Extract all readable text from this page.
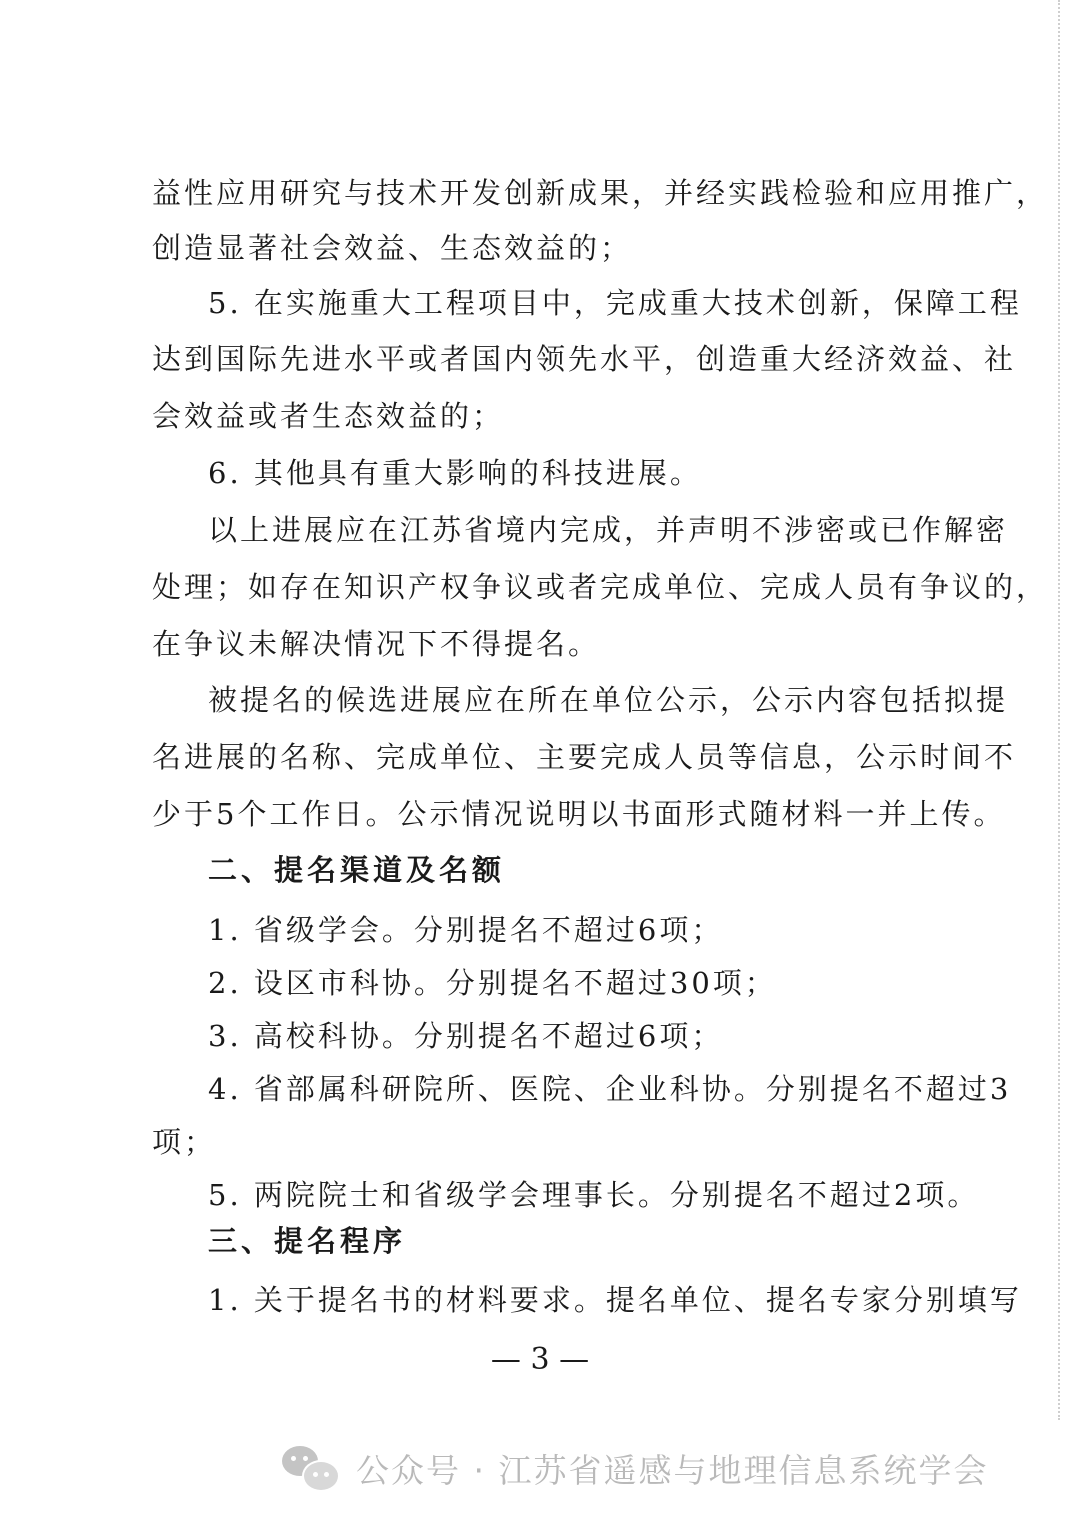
益性应用研究与技术开发创新成果，并经实践检验和应用推广，
创造显著社会效益、生态效益的；
5. 在实施重大工程项目中，完成重大技术创新，保障工程
达到国际先进水平或者国内领先水平，创造重大经济效益、社
会效益或者生态效益的；
6. 其他具有重大影响的科技进展。
以上进展应在江苏省境内完成，并声明不涉密或已作解密
处理；如存在知识产权争议或者完成单位、完成人员有争议的，
在争议未解决情况下不得提名。
被提名的候选进展应在所在单位公示，公示内容包括拟提
名进展的名称、完成单位、主要完成人员等信息，公示时间不
少于5个工作日。公示情况说明以书面形式随材料一并上传。
二、提名渠道及名额
1. 省级学会。分别提名不超过6项；
2. 设区市科协。分别提名不超过30项；
3. 高校科协。分别提名不超过6项；
4. 省部属科研院所、医院、企业科协。分别提名不超过3
项；
5. 两院院士和省级学会理事长。分别提名不超过2项。
三、提名程序
1. 关于提名书的材料要求。提名单位、提名专家分别填写
— 3 —
公众号 · 江苏省遥感与地理信息系统学会
